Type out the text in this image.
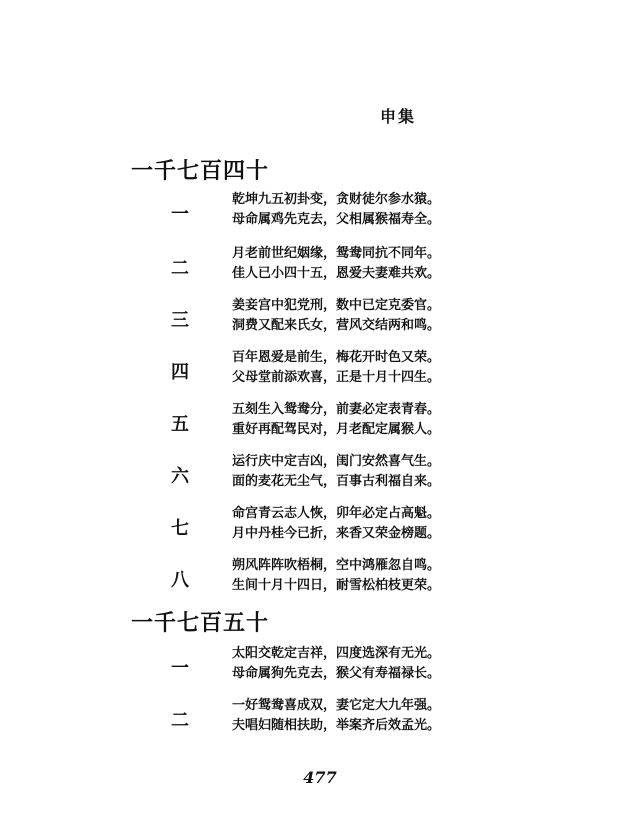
申集
一千七百四十
一
乾坤九五初卦变，贪财徒尔参水猿。
母命属鸡先克去，父相属猴福寿全。
二
月老前世纪姻缘，鸳鸯同抗不同年。
佳人已小四十五，恩爱夫妻难共欢。
三
姜妾宫中犯党刑，数中已定克委官。
洞费又配来氏女，营风交结两和鸣。
四
百年恩爱是前生，梅花开时色又荣。
父母堂前添欢喜，正是十月十四生。
五
五刻生入鸳鸯分，前妻必定表青春。
重好再配驾民对，月老配定属猴人。
六
运行庆中定吉凶，闺门安然喜气生。
面的麦花无尘气，百事古利福自来。
七
命宫青云志人恢，卯年必定占高魁。
月中丹桂今已折，来香又荣金榜题。
八
朔风阵阵吹梧桐，空中鸿雁忽自鸣。
生间十月十四日，耐雪松柏枝更荣。
一千七百五十
一
太阳交乾定吉祥，四度选深有无光。
母命属狗先克去，猴父有寿福禄长。
二
一好鸳鸯喜成双，妻它定大九年强。
夫唱妇随相扶助，举案齐后效孟光。
477
